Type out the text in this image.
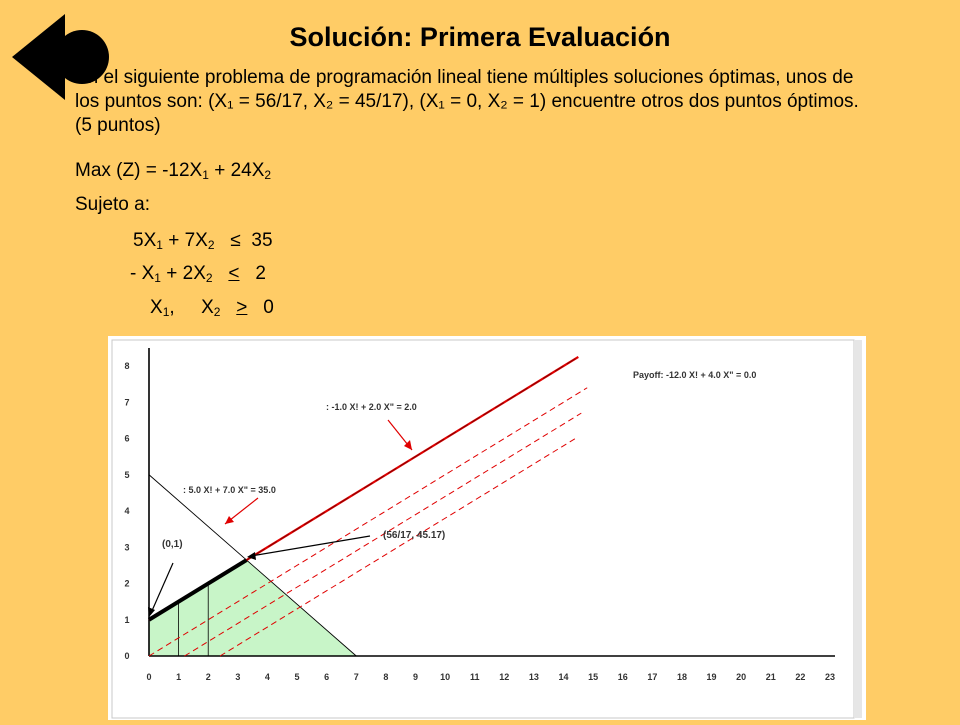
Solución: Primera Evaluación
1 En el siguiente problema de programación lineal tiene múltiples soluciones óptimas, unos de los puntos son: (X₁ = 56/17, X₂ = 45/17), (X₁ = 0, X₂ = 1) encuentre otros dos puntos óptimos. (5 puntos)
Max $(Z) = -12X_1 + 24X_2$
Sujeto a:
$5X_1 + 7X_2 \le 35$
- $X_1 + 2X_2 < 2$
$X_1$, $X_2 > 0$
0	1	2	3	4	5	6	7	8	9 10 11 12 13 14 15 16 17 18 19 20 21 22 23
0
1
2
3
4
5
6
7
8
Payoff: -12.0 X! + 4.0 X" = 0.0
: -1.0 X! + 2.0 X" = 2.0
: 5.0 X! + 7.0 X" = 35.0
(0,1)
(56/17, 45.17)
